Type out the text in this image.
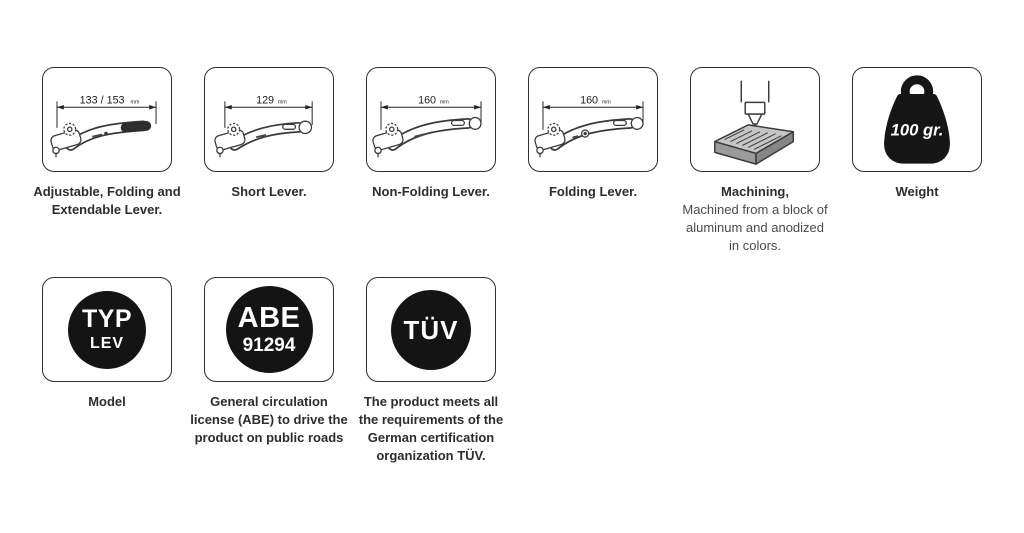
133 / 153 mm
Adjustable, Folding and Extendable Lever.
129 mm
Short Lever.
160 mm
Non-Folding Lever.
160 mm
Folding Lever.	Machining,
Machined from a block of aluminum and anodized in colors.
100 gr.
Weight
TYP
LEV
Model
ABE
91294
General circulation license (ABE) to drive the product on public roads
TÜV
The product meets all the requirements of the German certification organization TÜV.
